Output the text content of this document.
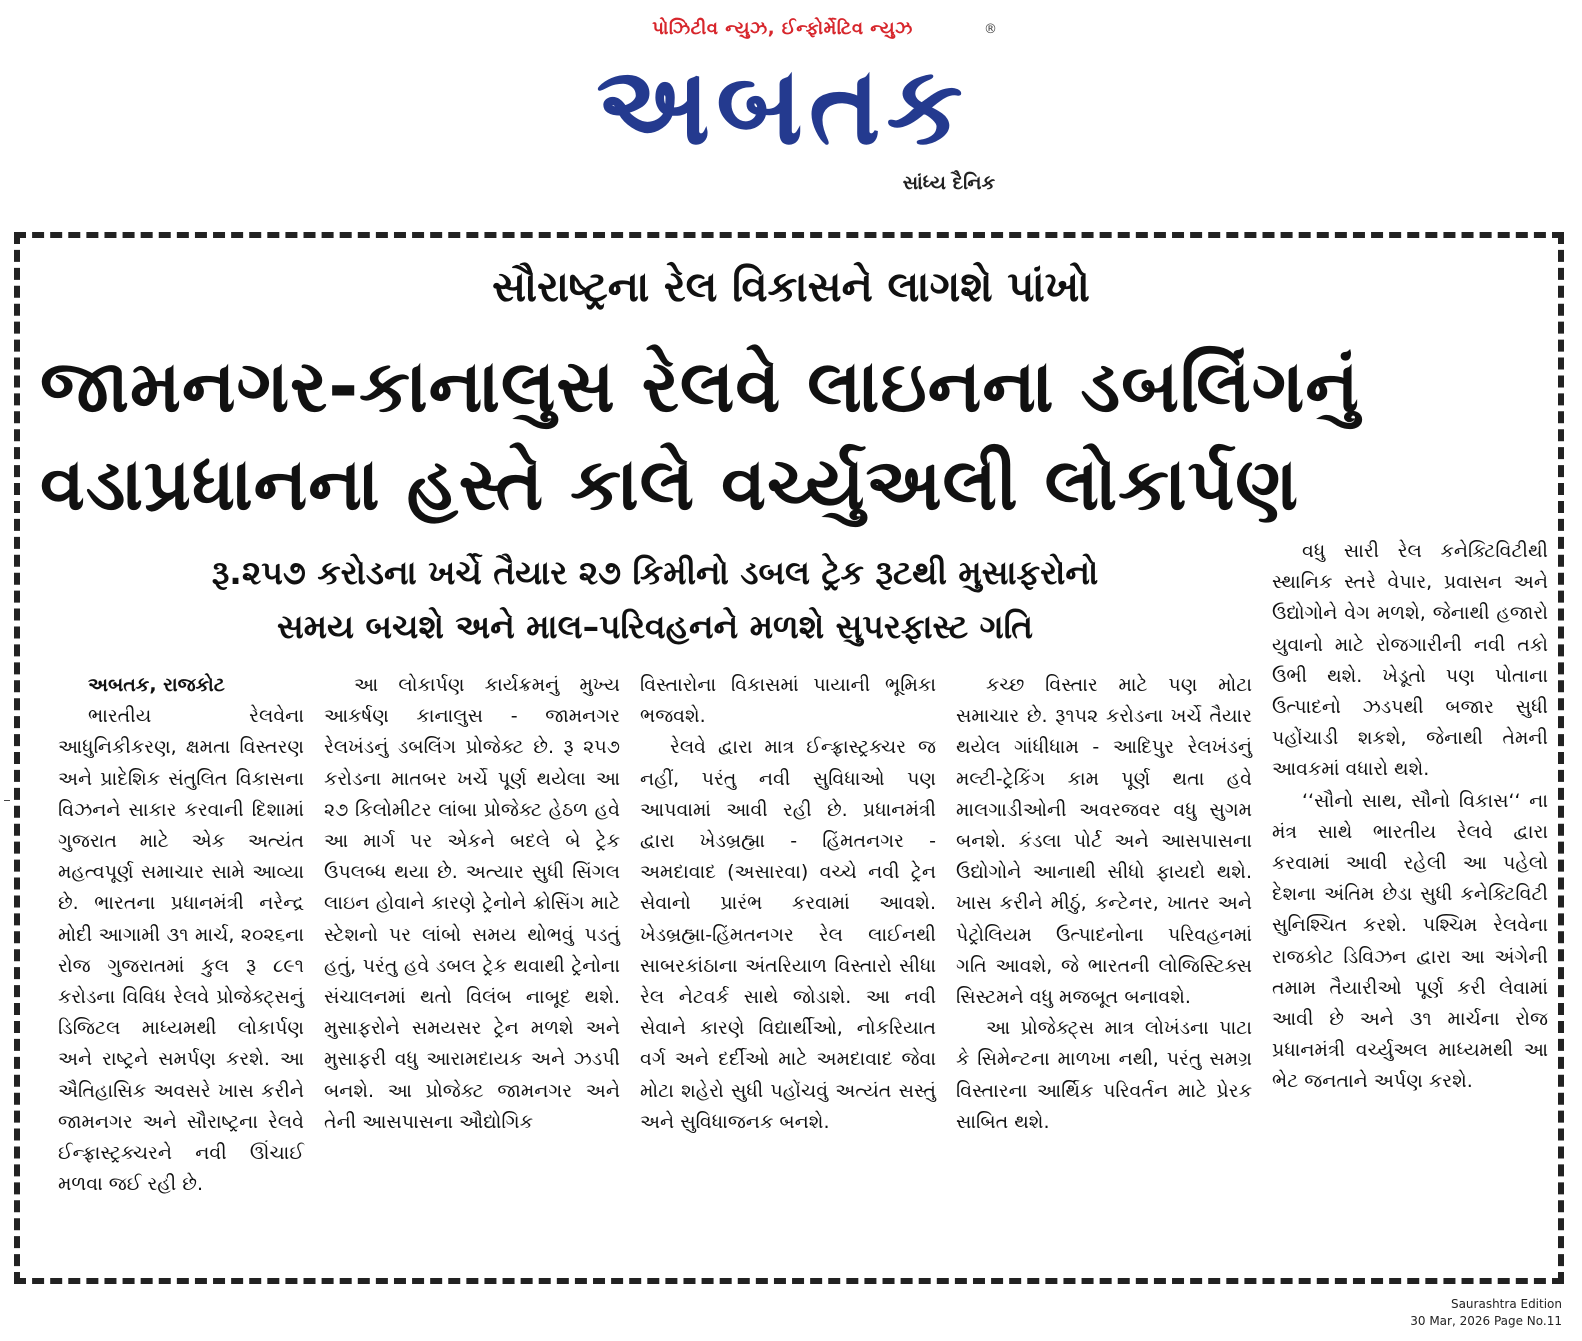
પોઝિટીવ ન્યુઝ, ઈન્ફોર્મેટિવ ન્યુઝ	®
અબતક
સાંધ્ય દૈનિક
સૌરાષ્ટ્રના રેલ વિકાસને લાગશે પાંખો
જામનગર-કાનાલુસ રેલવે લાઇનના ડબલિંગનું
વડાપ્રધાનના હસ્તે કાલે વર્ચ્યુઅલી લોકાર્પણ
રૂ.૨૫૭ કરોડના ખર્ચે તૈયાર ૨૭ કિમીનો ડબલ ટ્રેક રૂટથી મુસાફરોનો
સમય બચશે અને માલ–પરિવહનને મળશે સુપરફાસ્ટ ગતિ

અબતક, રાજકોટ

ભારતીય રેલવેના આધુનિકીકરણ, ક્ષમતા વિસ્તરણ અને પ્રાદેશિક સંતુલિત વિકાસના વિઝનને સાકાર કરવાની દિશામાં ગુજરાત માટે એક અત્યંત મહત્વપૂર્ણ સમાચાર સામે આવ્યા છે. ભારતના પ્રધાનમંત્રી નરેન્દ્ર મોદી આગામી ૩૧ માર્ચ, ૨૦૨૬ના રોજ ગુજરાતમાં કુલ રૂ ૮૯૧ કરોડના વિવિધ રેલવે પ્રોજેક્ટ્સનું ડિજિટલ માધ્યમથી લોકાર્પણ અને રાષ્ટ્રને સમર્પણ કરશે. આ ઐતિહાસિક અવસરે ખાસ કરીને જામનગર અને સૌરાષ્ટ્રના રેલવે ઈન્ફ્રાસ્ટ્રક્ચરને નવી ઊંચાઈ મળવા જઈ રહી છે.

આ લોકાર્પણ કાર્યક્રમનું મુખ્ય આકર્ષણ કાનાલુસ - જામનગર રેલખંડનું ડબલિંગ પ્રોજેક્ટ છે. રૂ ૨૫૭ કરોડના માતબર ખર્ચે પૂર્ણ થયેલા આ ૨૭ કિલોમીટર લાંબા પ્રોજેક્ટ હેઠળ હવે આ માર્ગ પર એકને બદલે બે ટ્રેક ઉપલબ્ધ થયા છે. અત્યાર સુધી સિંગલ લાઇન હોવાને કારણે ટ્રેનોને ક્રોસિંગ માટે સ્ટેશનો પર લાંબો સમય થોભવું પડતું હતું, પરંતુ હવે ડબલ ટ્રેક થવાથી ટ્રેનોના સંચાલનમાં થતો વિલંબ નાબૂદ થશે. મુસાફરોને સમયસર ટ્રેન મળશે અને મુસાફરી વધુ આરામદાયક અને ઝડપી બનશે. આ પ્રોજેક્ટ જામનગર અને તેની આસપાસના ઔદ્યોગિક

વિસ્તારોના વિકાસમાં પાયાની ભૂમિકા ભજવશે.

રેલવે દ્વારા માત્ર ઈન્ફ્રાસ્ટ્રક્ચર જ નહીં, પરંતુ નવી સુવિધાઓ પણ આપવામાં આવી રહી છે. પ્રધાનમંત્રી દ્વારા ખેડબ્રહ્મા - હિંમતનગર - અમદાવાદ (અસારવા) વચ્ચે નવી ટ્રેન સેવાનો પ્રારંભ કરવામાં આવશે. ખેડબ્રહ્મા-હિંમતનગર રેલ લાઈનથી સાબરકાંઠાના અંતરિયાળ વિસ્તારો સીધા રેલ નેટવર્ક સાથે જોડાશે. આ નવી સેવાને કારણે વિદ્યાર્થીઓ, નોકરિયાત વર્ગ અને દર્દીઓ માટે અમદાવાદ જેવા મોટા શહેરો સુધી પહોંચવું અત્યંત સસ્તું અને સુવિધાજનક બનશે.

કચ્છ વિસ્તાર માટે પણ મોટા સમાચાર છે. રૂ૧૫૨ કરોડના ખર્ચે તૈયાર થયેલ ગાંધીધામ - આદિપુર રેલખંડનું મલ્ટી-ટ્રેકિંગ કામ પૂર્ણ થતા હવે માલગાડીઓની અવરજવર વધુ સુગમ બનશે. કંડલા પોર્ટ અને આસપાસના ઉદ્યોગોને આનાથી સીધો ફાયદો થશે. ખાસ કરીને મીઠું, કન્ટેનર, ખાતર અને પેટ્રોલિયમ ઉત્પાદનોના પરિવહનમાં ગતિ આવશે, જે ભારતની લોજિસ્ટિક્સ સિસ્ટમને વધુ મજબૂત બનાવશે.

આ પ્રોજેક્ટ્સ માત્ર લોખંડના પાટા કે સિમેન્ટના માળખા નથી, પરંતુ સમગ્ર વિસ્તારના આર્થિક પરિવર્તન માટે પ્રેરક સાબિત થશે.

વધુ સારી રેલ કનેક્ટિવિટીથી સ્થાનિક સ્તરે વેપાર, પ્રવાસન અને ઉદ્યોગોને વેગ મળશે, જેનાથી હજારો યુવાનો માટે રોજગારીની નવી તકો ઉભી થશે. ખેડૂતો પણ પોતાના ઉત્પાદનો ઝડપથી બજાર સુધી પહોંચાડી શકશે, જેનાથી તેમની આવકમાં વધારો થશે.

‘‘સૌનો સાથ, સૌનો વિકાસ‘‘ ના મંત્ર સાથે ભારતીય રેલવે દ્વારા કરવામાં આવી રહેલી આ પહેલો દેશના અંતિમ છેડા સુધી કનેક્ટિવિટી સુનિશ્ચિત કરશે. પશ્ચિમ રેલવેના રાજકોટ ડિવિઝન દ્વારા આ અંગેની તમામ તૈયારીઓ પૂર્ણ કરી લેવામાં આવી છે અને ૩૧ માર્ચના રોજ પ્રધાનમંત્રી વર્ચ્યુઅલ માધ્યમથી આ ભેટ જનતાને અર્પણ કરશે.

Saurashtra Edition
30 Mar, 2026 Page No.11
